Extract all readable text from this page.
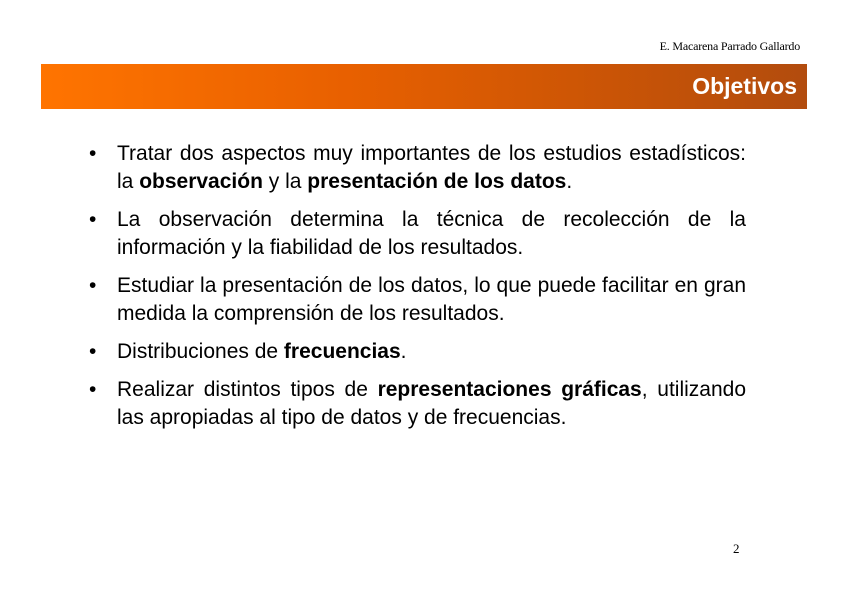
E. Macarena Parrado Gallardo
Objetivos
• Tratar dos aspectos muy importantes de los estudios estadísticos: la observación y la presentación de los datos.
• La observación determina la técnica de recolección de la información y la fiabilidad de los resultados.
• Estudiar la presentación de los datos, lo que puede facilitar en gran medida la comprensión de los resultados.
• Distribuciones de frecuencias.
• Realizar distintos tipos de representaciones gráficas, utilizando las apropiadas al tipo de datos y de frecuencias.
2
